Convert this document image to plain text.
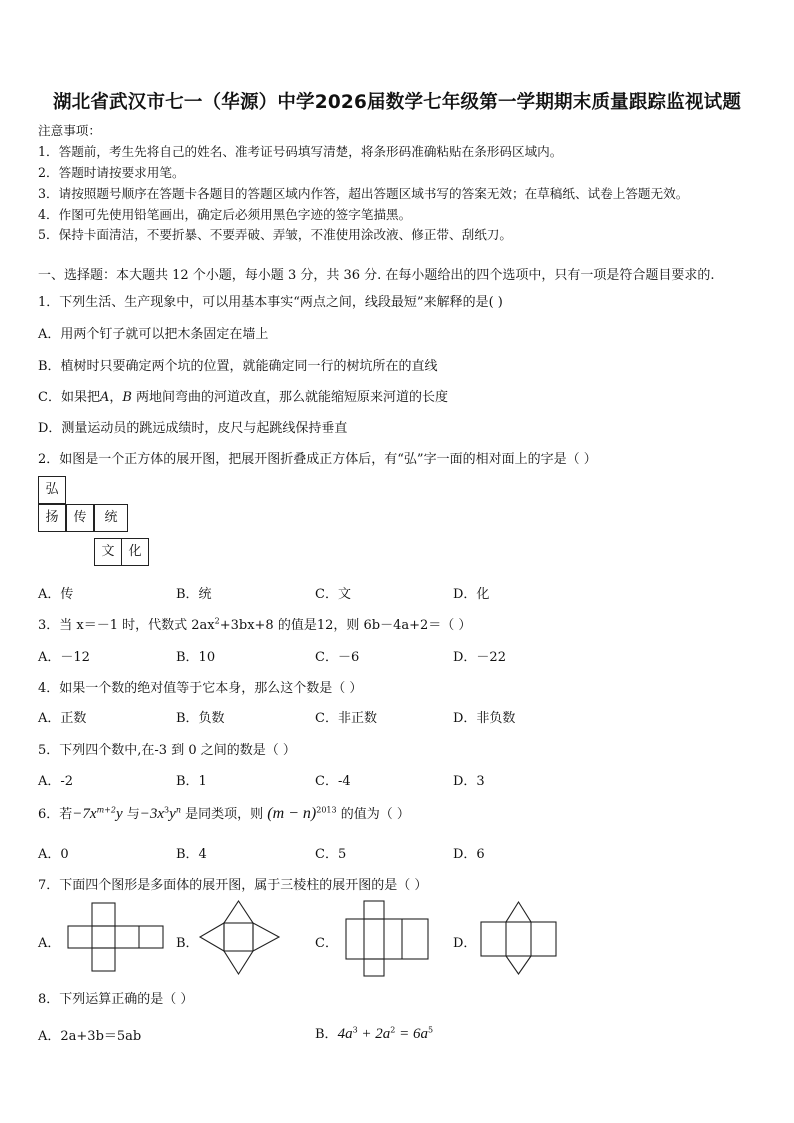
湖北省武汉市七一（华源）中学2026届数学七年级第一学期期末质量跟踪监视试题
注意事项：
1．答题前，考生先将自己的姓名、准考证号码填写清楚，将条形码准确粘贴在条形码区域内。
2．答题时请按要求用笔。
3．请按照题号顺序在答题卡各题目的答题区域内作答，超出答题区域书写的答案无效；在草稿纸、试卷上答题无效。
4．作图可先使用铅笔画出，确定后必须用黑色字迹的签字笔描黑。
5．保持卡面清洁，不要折暴、不要弄破、弄皱，不准使用涂改液、修正带、刮纸刀。
一、选择题：本大题共 12 个小题，每小题 3 分，共 36 分. 在每小题给出的四个选项中，只有一项是符合题目要求的.
1．下列生活、生产现象中，可以用基本事实“两点之间，线段最短”来解释的是( )
A．用两个钉子就可以把木条固定在墙上
B．植树时只要确定两个坑的位置，就能确定同一行的树坑所在的直线
C．如果把A，B 两地间弯曲的河道改直，那么就能缩短原来河道的长度
D．测量运动员的跳远成绩时，皮尺与起跳线保持垂直
2．如图是一个正方体的展开图，把展开图折叠成正方体后，有“弘”字一面的相对面上的字是（ ）
弘
扬	传	统
文	化
A．传	B．统	C．文	D．化
3．当 x＝－1 时，代数式 $2ax^2+3bx+8$ 的值是12，则 6b－4a+2＝（ ）
A．－12	B．10	C．－6	D．－22
4．如果一个数的绝对值等于它本身，那么这个数是（ ）
A．正数	B．负数	C．非正数	D．非负数
5．下列四个数中,在-3 到 0 之间的数是（ ）
A．-2	B．1	C．-4	D．3
6．若$-7x^{m+2}y$ 与$-3x^3y^n$ 是同类项，则 $(m - n)^{2013}$ 的值为（ ）
A．0	B．4	C．5	D．6
7．下面四个图形是多面体的展开图，属于三棱柱的展开图的是（ ）
A．	B．	C．	D．
8．下列运算正确的是（ ）
A．2a+3b＝5ab	B．$4a^3 + 2a^2 = 6a^5$
